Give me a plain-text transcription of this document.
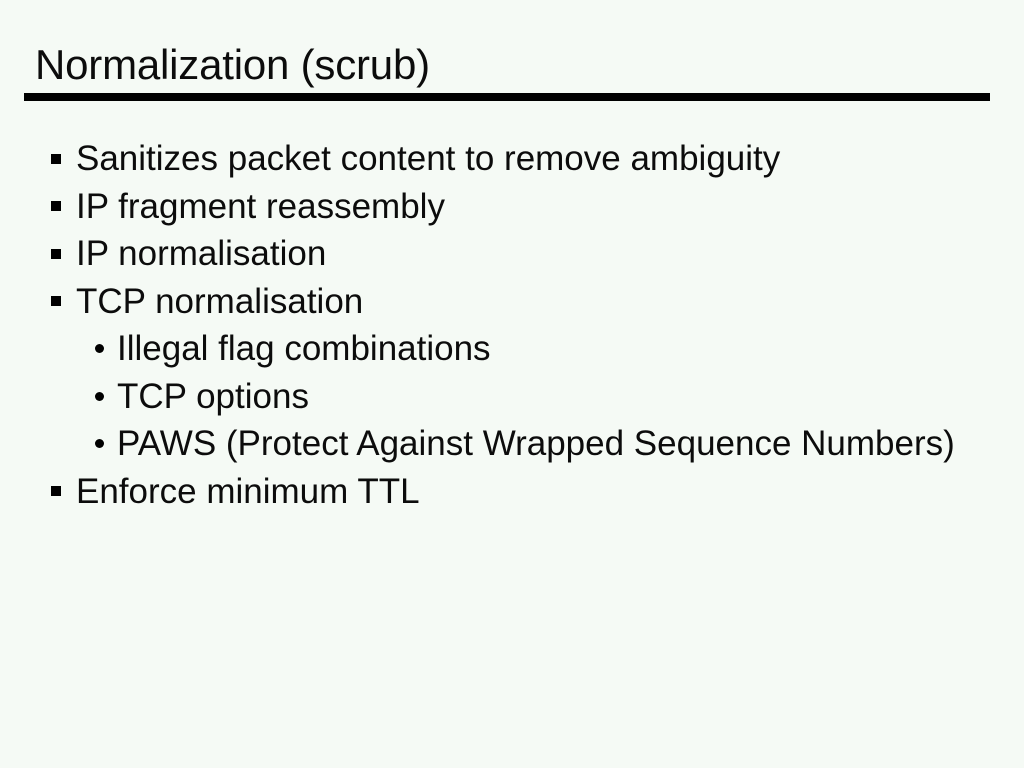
Normalization (scrub)
Sanitizes packet content to remove ambiguity
IP fragment reassembly
IP normalisation
TCP normalisation
Illegal flag combinations
TCP options
PAWS (Protect Against Wrapped Sequence Numbers)
Enforce minimum TTL
